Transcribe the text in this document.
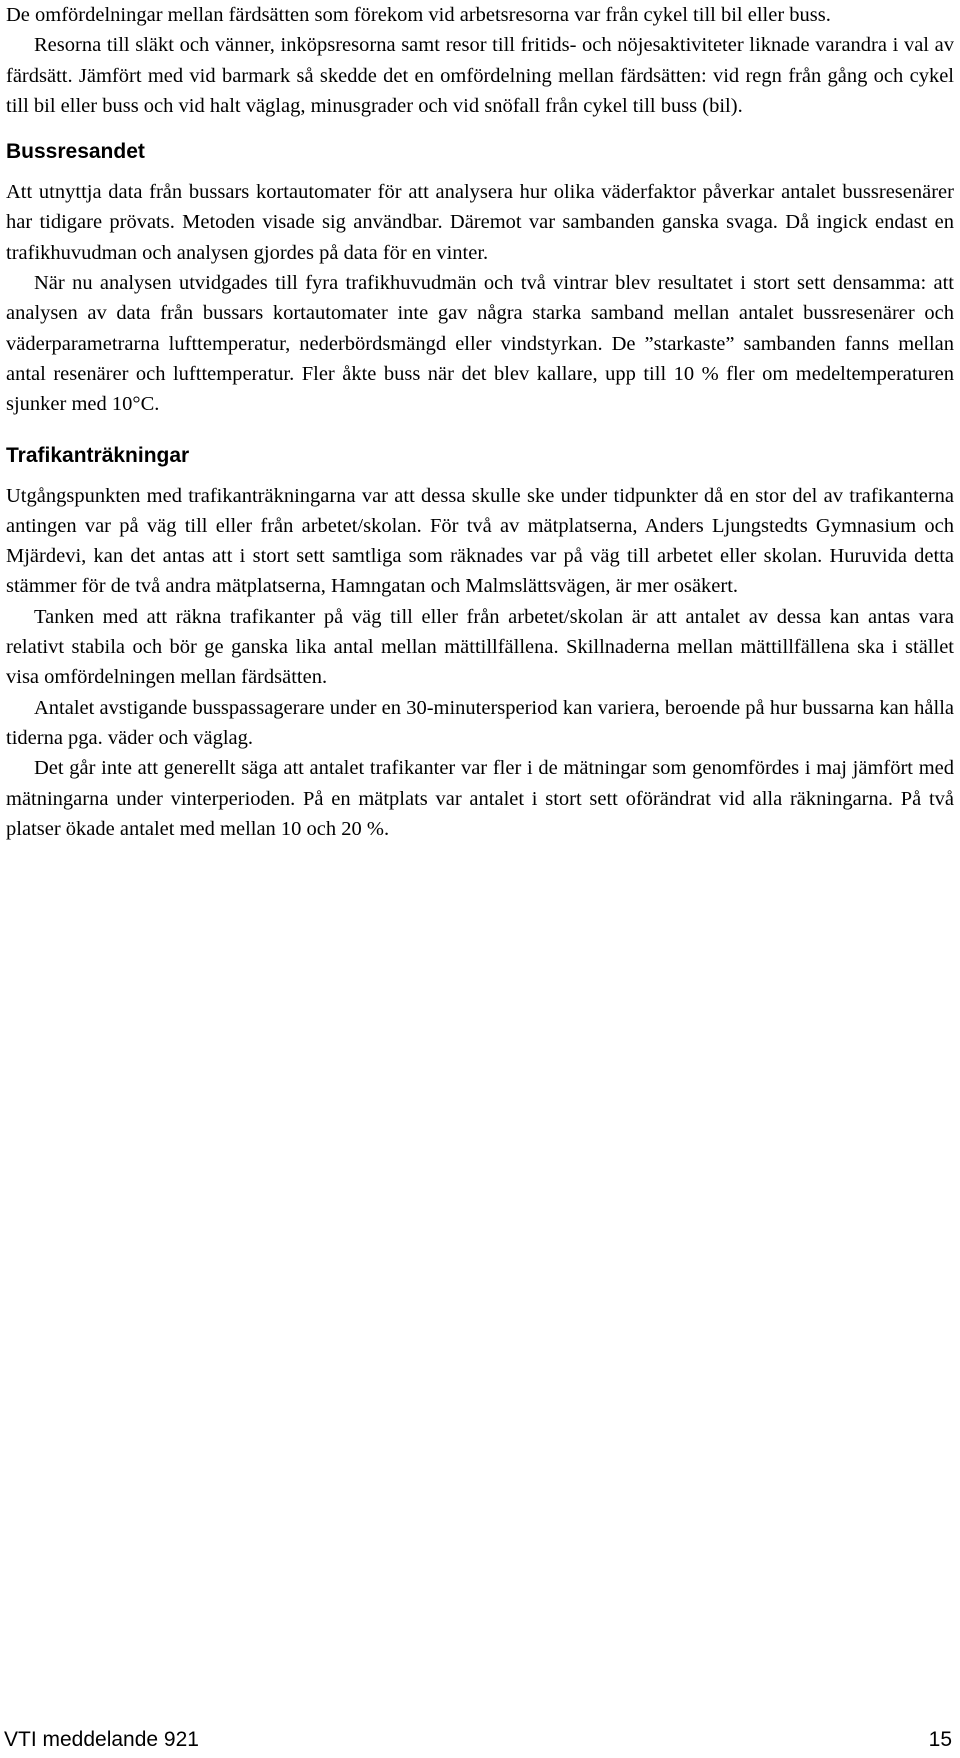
De omfördelningar mellan färdsätten som förekom vid arbetsresorna var från cykel till bil eller buss.

Resorna till släkt och vänner, inköpsresorna samt resor till fritids- och nöjesaktiviteter liknade varandra i val av färdsätt. Jämfört med vid barmark så skedde det en omfördelning mellan färdsätten: vid regn från gång och cykel till bil eller buss och vid halt väglag, minusgrader och vid snöfall från cykel till buss (bil).

Bussresandet

Att utnyttja data från bussars kortautomater för att analysera hur olika väderfaktor påverkar antalet bussresenärer har tidigare prövats. Metoden visade sig användbar. Däremot var sambanden ganska svaga. Då ingick endast en trafikhuvudman och analysen gjordes på data för en vinter.

När nu analysen utvidgades till fyra trafikhuvudmän och två vintrar blev resultatet i stort sett densamma: att analysen av data från bussars kortautomater inte gav några starka samband mellan antalet bussresenärer och väderparametrarna lufttemperatur, nederbördsmängd eller vindstyrkan. De ”starkaste” sambanden fanns mellan antal resenärer och lufttemperatur. Fler åkte buss när det blev kallare, upp till 10 % fler om medeltemperaturen sjunker med 10°C.

Trafikanträkningar

Utgångspunkten med trafikanträkningarna var att dessa skulle ske under tidpunkter då en stor del av trafikanterna antingen var på väg till eller från arbetet/skolan. För två av mätplatserna, Anders Ljungstedts Gymnasium och Mjärdevi, kan det antas att i stort sett samtliga som räknades var på väg till arbetet eller skolan. Huruvida detta stämmer för de två andra mätplatserna, Hamngatan och Malmslättsvägen, är mer osäkert.

Tanken med att räkna trafikanter på väg till eller från arbetet/skolan är att antalet av dessa kan antas vara relativt stabila och bör ge ganska lika antal mellan mättillfällena. Skillnaderna mellan mättillfällena ska i stället visa omfördelningen mellan färdsätten.

Antalet avstigande busspassagerare under en 30-minutersperiod kan variera, beroende på hur bussarna kan hålla tiderna pga. väder och väglag.

Det går inte att generellt säga att antalet trafikanter var fler i de mätningar som genomfördes i maj jämfört med mätningarna under vinterperioden. På en mätplats var antalet i stort sett oförändrat vid alla räkningarna. På två platser ökade antalet med mellan 10 och 20 %.

VTI meddelande 921	15
